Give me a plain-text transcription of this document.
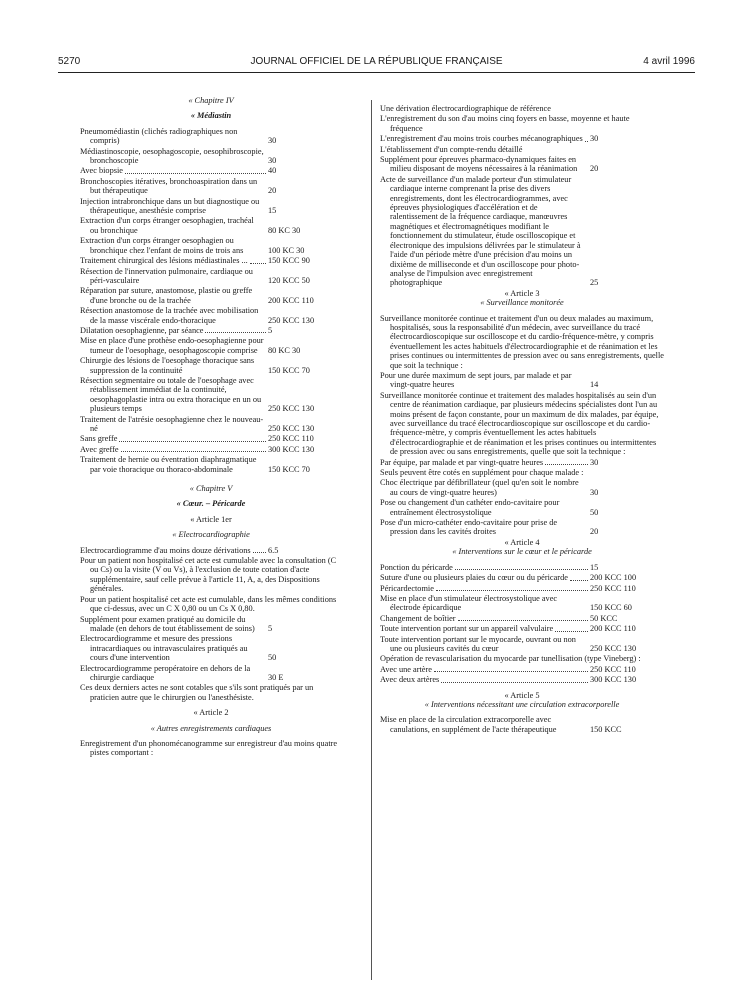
5270	JOURNAL OFFICIEL DE LA RÉPUBLIQUE FRANÇAISE	4 avril 1996
« Chapitre IV
« Médiastin
Pneumomédiastin (clichés radiographiques non compris)	30
Médiastinoscopie, oesophagoscopie, oesophibroscopie, bronchoscopie	30
Avec biopsie	40
Bronchoscopies itératives, bronchoaspiration dans un but thérapeutique	20
Injection intrabronchique dans un but diagnostique ou thérapeutique, anesthésie comprise	15
Extraction d'un corps étranger oesophagien, trachéal ou bronchique	80 KC 30
Extraction d'un corps étranger oesophagien ou bronchique chez l'enfant de moins de trois ans	100 KC 30
Traitement chirurgical des lésions médiastinales ... 150 KCC 90
Résection de l'innervation pulmonaire, cardiaque ou péri-vasculaire	120 KCC 50
Réparation par suture, anastomose, plastie ou greffe d'une bronche ou de la trachée	200 KCC 110
Résection anastomose de la trachée avec mobilisation de la masse viscérale endo-thoracique	250 KCC 130
Dilatation oesophagienne, par séance	5
Mise en place d'une prothèse endo-oesophagienne pour tumeur de l'oesophage, oesophagoscopie comprise	80 KC 30
Chirurgie des lésions de l'oesophage thoracique sans suppression de la continuité	150 KCC 70
Résection segmentaire ou totale de l'oesophage avec rétablissement immédiat de la continuité, oesophagoplastie intra ou extra thoracique en un ou plusieurs temps	250 KCC 130
Traitement de l'atrésie oesophagienne chez le nouveau-né	250 KCC 130
Sans greffe	250 KCC 110
Avec greffe	300 KCC 130
Traitement de hernie ou éventration diaphragmatique par voie thoracique ou thoraco-abdominale	150 KCC 70
« Chapitre V
« Cœur. – Péricarde
« Article 1er
« Electrocardiographie
Electrocardiogramme d'au moins douze dérivations 6.5
Pour un patient non hospitalisé cet acte est cumulable avec la consultation (C ou Cs) ou la visite (V ou Vs), à l'exclusion de toute cotation d'acte supplémentaire, sauf celle prévue à l'article 11, A, a, des Dispositions générales.
Pour un patient hospitalisé cet acte est cumulable, dans les mêmes conditions que ci-dessus, avec un C X 0,80 ou un Cs X 0,80.
Supplément pour examen pratiqué au domicile du malade (en dehors de tout établissement de soins)	5
Electrocardiogramme et mesure des pressions intracardiaques ou intravasculaires pratiqués au cours d'une intervention	50
Electrocardiogramme peropératoire en dehors de la chirurgie cardiaque	30 E
Ces deux derniers actes ne sont cotables que s'ils sont pratiqués par un praticien autre que le chirurgien ou l'anesthésiste.
« Article 2
« Autres enregistrements cardiaques
Enregistrement d'un phonomécanogramme sur enregistreur d'au moins quatre pistes comportant :
Une dérivation électrocardiographique de référence
L'enregistrement du son d'au moins cinq foyers en basse, moyenne et haute fréquence
L'enregistrement d'au moins trois courbes mécanographiques 30
L'établissement d'un compte-rendu détaillé
Supplément pour épreuves pharmaco-dynamiques faites en milieu disposant de moyens nécessaires à la réanimation	20
Acte de surveillance d'un malade porteur d'un stimulateur cardiaque interne comprenant la prise des divers enregistrements, dont les électrocardiogrammes, avec épreuves physiologiques d'accélération et de ralentissement de la fréquence cardiaque, manœuvres magnétiques et électromagnétiques modifiant le fonctionnement du stimulateur, étude oscilloscopique et électronique des impulsions délivrées par le stimulateur à l'aide d'un période mètre d'une précision d'au moins un dixième de milliseconde et d'un oscilloscope pour photo-analyse de l'impulsion avec enregistrement photographique	25
« Article 3
« Surveillance monitorée
Surveillance monitorée continue et traitement d'un ou deux malades au maximum, hospitalisés, sous la responsabilité d'un médecin, avec surveillance du tracé électrocardioscopique sur oscilloscope et du cardio-fréquence-mètre, y compris éventuellement les actes habituels d'électrocardiographie et de réanimation et les prises continues ou intermittentes de pression avec ou sans enregistrements, quelle que soit la technique :
Pour une durée maximum de sept jours, par malade et par vingt-quatre heures	14
Surveillance monitorée continue et traitement des malades hospitalisés au sein d'un centre de réanimation cardiaque, par plusieurs médecins spécialistes dont l'un au moins présent de façon constante, pour un maximum de dix malades, par équipe, avec surveillance du tracé électrocardioscopique sur oscilloscope et du cardio-fréquence-mètre, y compris éventuellement les actes habituels d'électrocardiographie et de réanimation et les prises continues ou intermittentes de pression avec ou sans enregistrements, quelle que soit la technique :
Par équipe, par malade et par vingt-quatre heures	30
Seuls peuvent être cotés en supplément pour chaque malade :
Choc électrique par défibrillateur (quel qu'en soit le nombre au cours de vingt-quatre heures)	30
Pose ou changement d'un cathéter endo-cavitaire pour entraînement électrosystolique	50
Pose d'un micro-cathéter endo-cavitaire pour prise de pression dans les cavités droites	20
« Article 4
« Interventions sur le cœur et le péricarde
Ponction du péricarde	15
Suture d'une ou plusieurs plaies du cœur ou du péricarde	200 KCC 100
Péricardectomie	250 KCC 110
Mise en place d'un stimulateur électrosystolique avec électrode épicardique	150 KCC 60
Changement de boîtier	50 KCC
Toute intervention portant sur un appareil valvulaire	200 KCC 110
Toute intervention portant sur le myocarde, ouvrant ou non une ou plusieurs cavités du cœur	250 KCC 130
Opération de revascularisation du myocarde par tunellisation (type Vineberg) :
Avec une artère	250 KCC 110
Avec deux artères	300 KCC 130
« Article 5
« Interventions nécessitant une circulation extracorporelle
Mise en place de la circulation extracorporelle avec canulations, en supplément de l'acte thérapeutique	150 KCC
